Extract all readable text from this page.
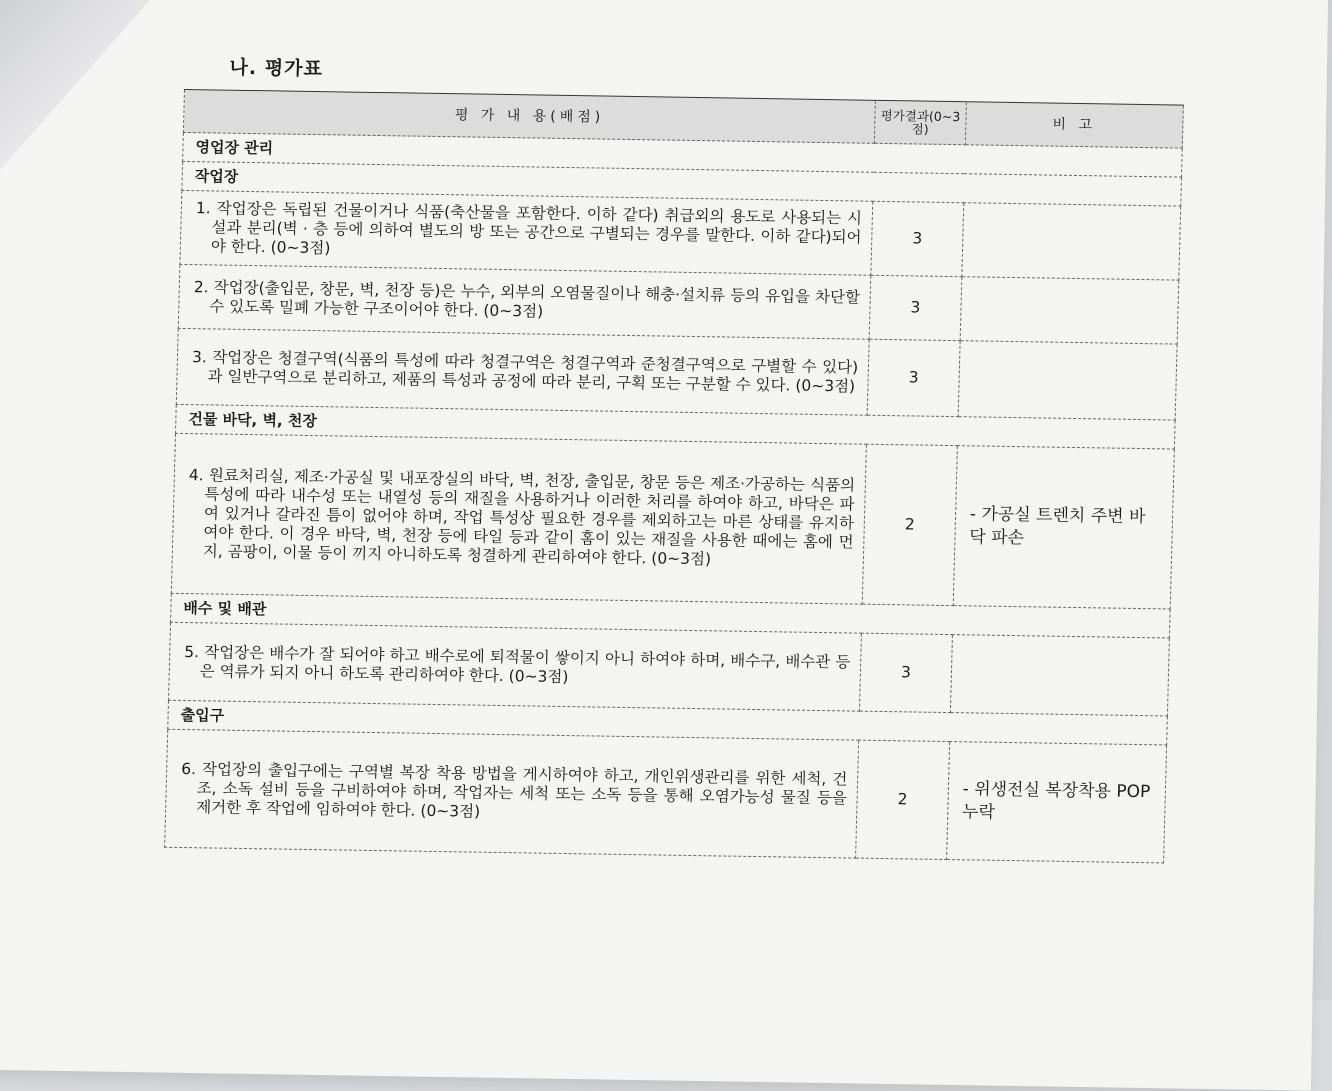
나. 평가표
평 가 내 용(배점)	평가결과(0~3점)	비 고
영업장 관리		
작업장		

1. 작업장은 독립된 건물이거나 식품(축산물을 포함한다. 이하 같다) 취급외의 용도로 사용되는 시설과 분리(벽 · 층 등에 의하여 별도의 방 또는 공간으로 구별되는 경우를 말한다. 이하 같다)되어야 한다. (0~3점)	3	

2. 작업장(출입문, 창문, 벽, 천장 등)은 누수, 외부의 오염물질이나 해충·설치류 등의 유입을 차단할 수 있도록 밀폐 가능한 구조이어야 한다. (0~3점)	3	

3. 작업장은 청결구역(식품의 특성에 따라 청결구역은 청결구역과 준청결구역으로 구별할 수 있다)과 일반구역으로 분리하고, 제품의 특성과 공정에 따라 분리, 구획 또는 구분할 수 있다. (0~3점)	3	
건물 바닥, 벽, 천장		

4. 원료처리실, 제조·가공실 및 내포장실의 바닥, 벽, 천장, 출입문, 창문 등은 제조·가공하는 식품의 특성에 따라 내수성 또는 내열성 등의 재질을 사용하거나 이러한 처리를 하여야 하고, 바닥은 파여 있거나 갈라진 틈이 없어야 하며, 작업 특성상 필요한 경우를 제외하고는 마른 상태를 유지하여야 한다. 이 경우 바닥, 벽, 천장 등에 타일 등과 같이 홈이 있는 재질을 사용한 때에는 홈에 먼지, 곰팡이, 이물 등이 끼지 아니하도록 청결하게 관리하여야 한다. (0~3점)	2	- 가공실 트렌치 주변 바닥 파손
배수 및 배관		

5. 작업장은 배수가 잘 되어야 하고 배수로에 퇴적물이 쌓이지 아니 하여야 하며, 배수구, 배수관 등은 역류가 되지 아니 하도록 관리하여야 한다. (0~3점)	3	
출입구		

6. 작업장의 출입구에는 구역별 복장 착용 방법을 게시하여야 하고, 개인위생관리를 위한 세척, 건조, 소독 설비 등을 구비하여야 하며, 작업자는 세척 또는 소독 등을 통해 오염가능성 물질 등을 제거한 후 작업에 임하여야 한다. (0~3점)	2	- 위생전실 복장착용 POP누락
